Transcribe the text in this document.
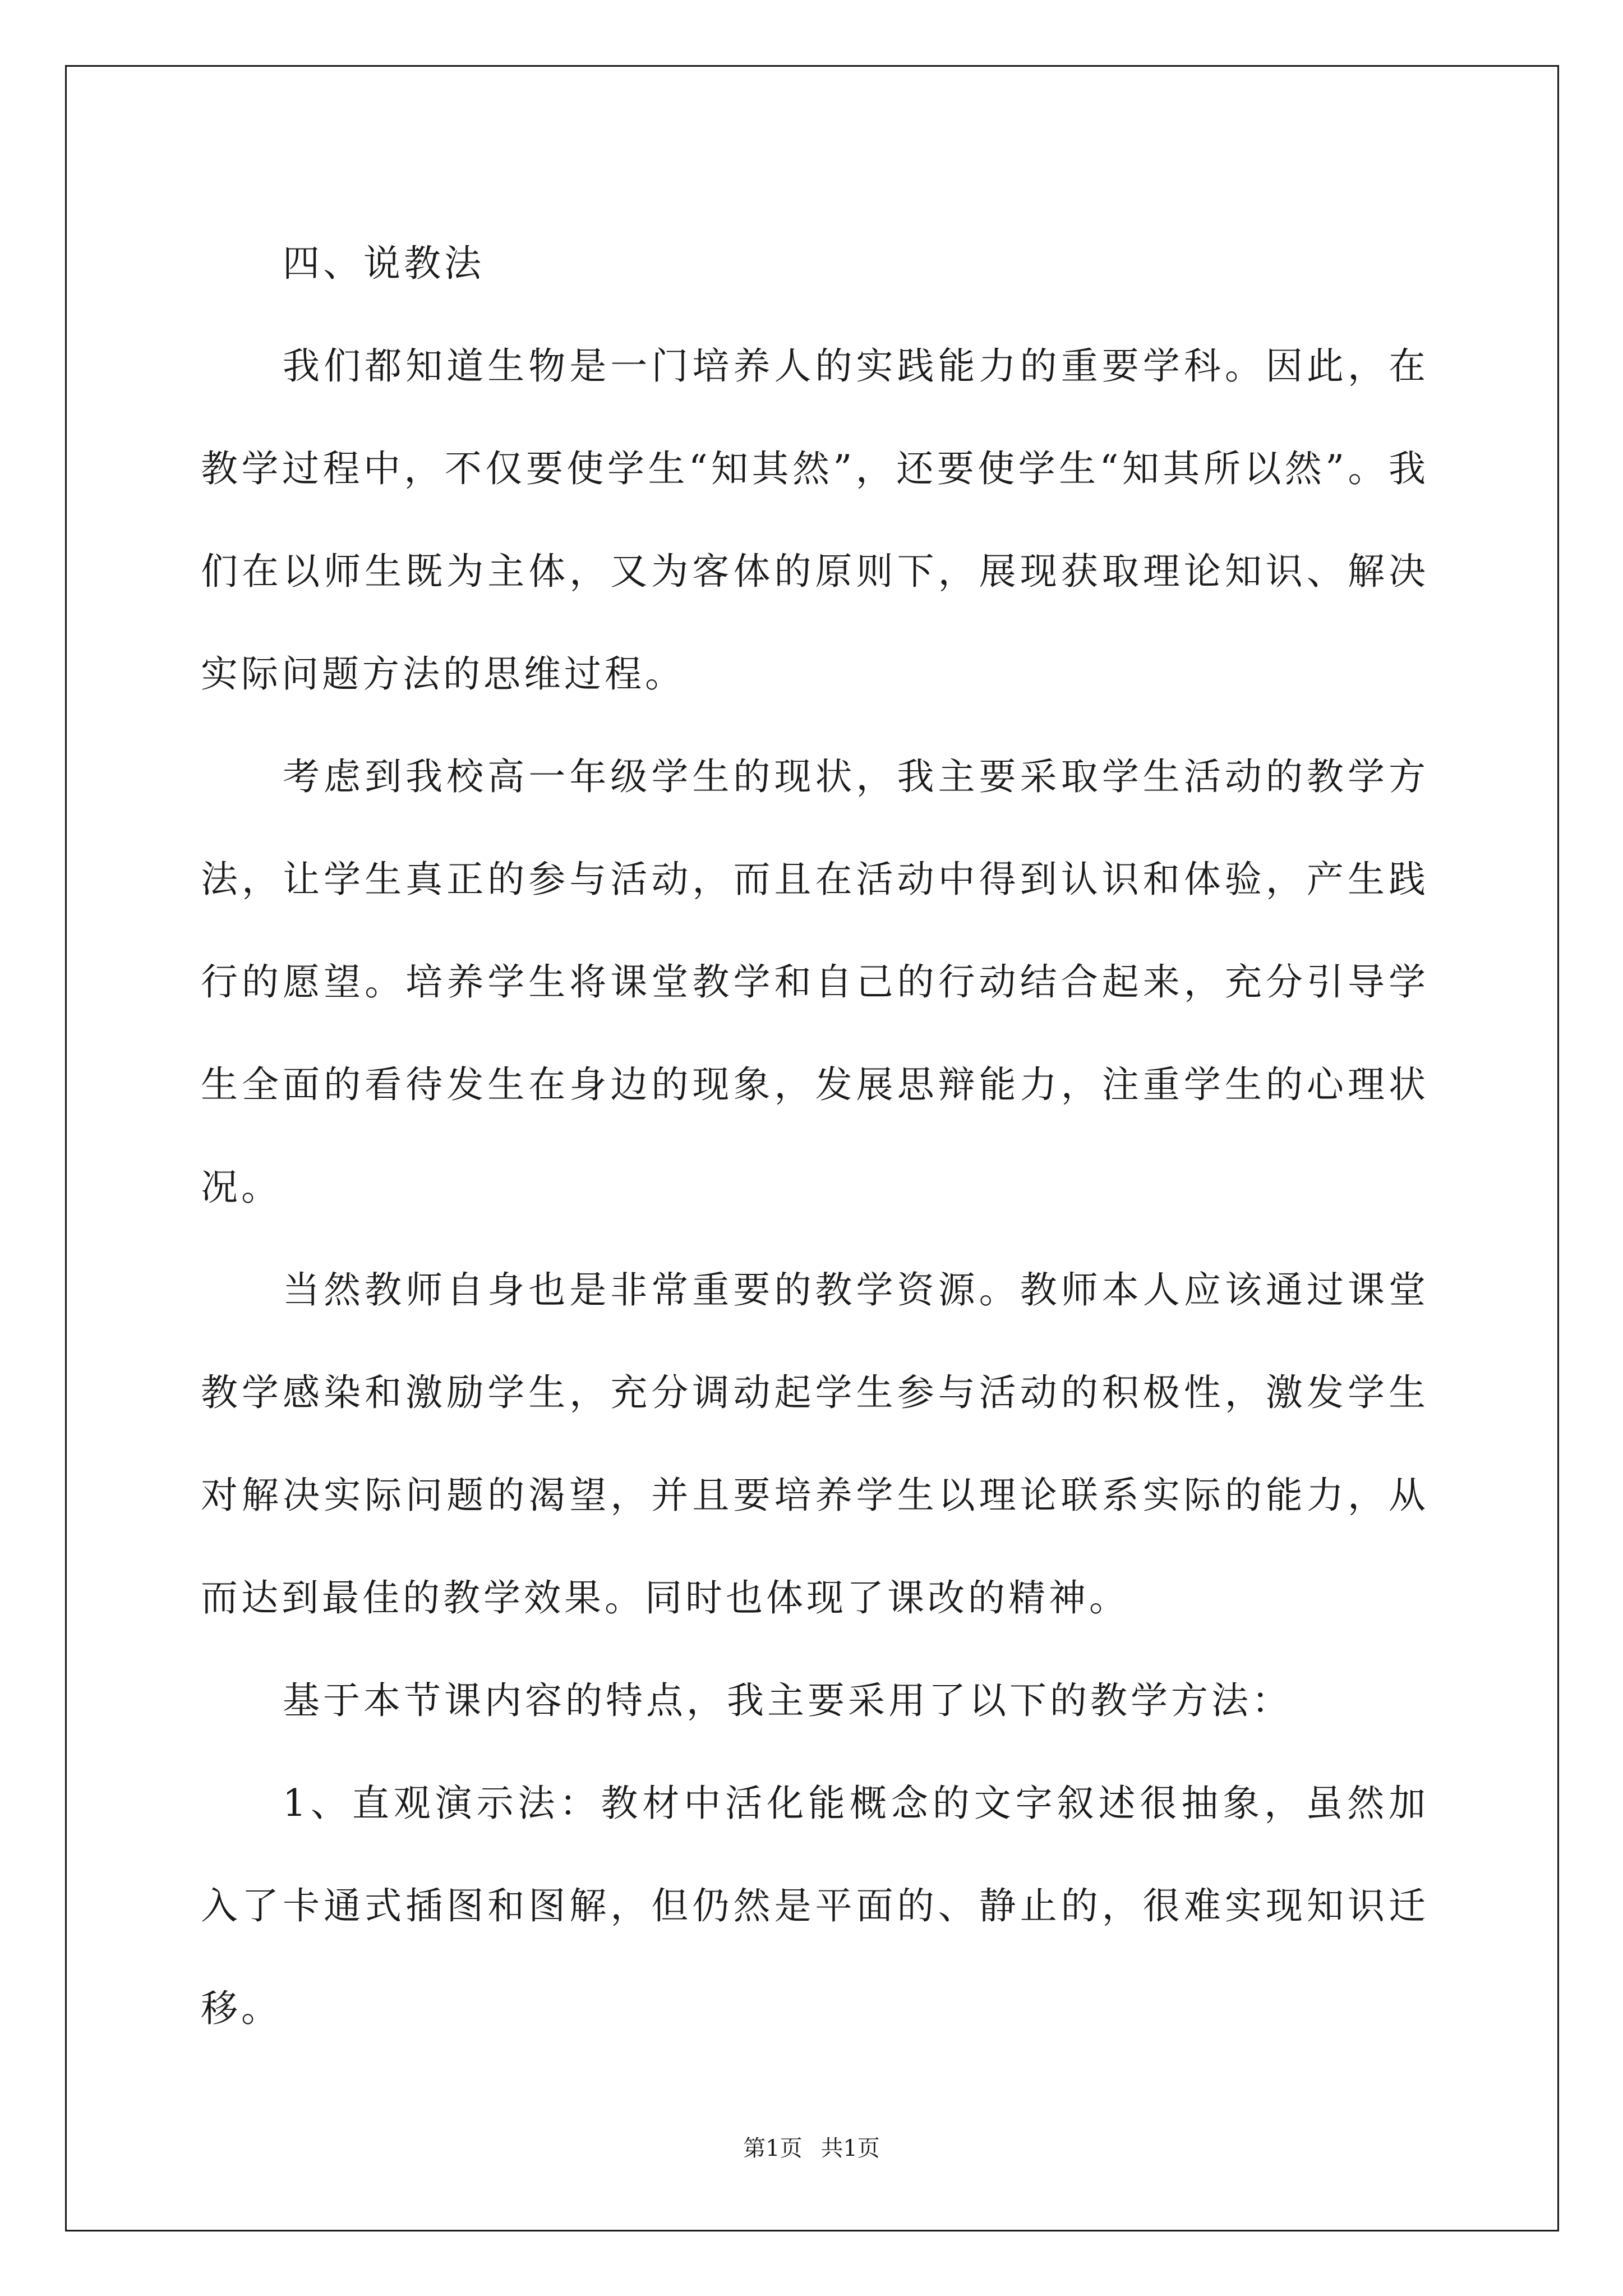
四、说教法

我们都知道生物是一门培养人的实践能力的重要学科。因此，在教学过程中，不仅要使学生“知其然”，还要使学生“知其所以然”。我们在以师生既为主体，又为客体的原则下，展现获取理论知识、解决实际问题方法的思维过程。

考虑到我校高一年级学生的现状，我主要采取学生活动的教学方法，让学生真正的参与活动，而且在活动中得到认识和体验，产生践行的愿望。培养学生将课堂教学和自己的行动结合起来，充分引导学生全面的看待发生在身边的现象，发展思辩能力，注重学生的心理状况。

当然教师自身也是非常重要的教学资源。教师本人应该通过课堂教学感染和激励学生，充分调动起学生参与活动的积极性，激发学生对解决实际问题的渴望，并且要培养学生以理论联系实际的能力，从而达到最佳的教学效果。同时也体现了课改的精神。

基于本节课内容的特点，我主要采用了以下的教学方法：

1、直观演示法：教材中活化能概念的文字叙述很抽象，虽然加入了卡通式插图和图解，但仍然是平面的、静止的，很难实现知识迁移。

第1页 共1页
